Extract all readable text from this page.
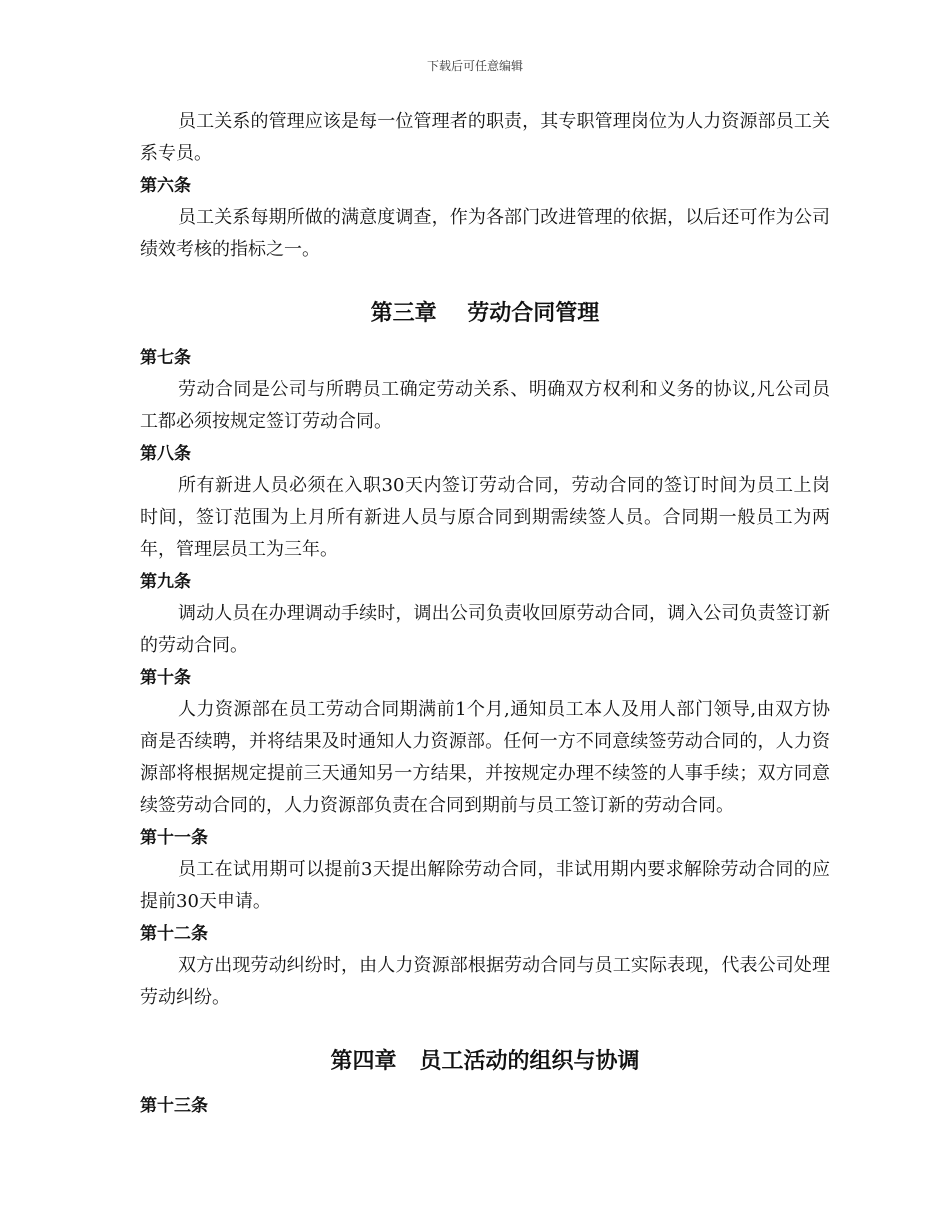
下载后可任意编辑

员工关系的管理应该是每一位管理者的职责，其专职管理岗位为人力资源部员工关系专员。

第六条

员工关系每期所做的满意度调查，作为各部门改进管理的依据，以后还可作为公司绩效考核的指标之一。

第三章    劳动合同管理

第七条

劳动合同是公司与所聘员工确定劳动关系、明确双方权利和义务的协议,凡公司员工都必须按规定签订劳动合同。

第八条

所有新进人员必须在入职30天内签订劳动合同，劳动合同的签订时间为员工上岗时间，签订范围为上月所有新进人员与原合同到期需续签人员。合同期一般员工为两年，管理层员工为三年。

第九条

调动人员在办理调动手续时，调出公司负责收回原劳动合同，调入公司负责签订新的劳动合同。

第十条

人力资源部在员工劳动合同期满前1个月,通知员工本人及用人部门领导,由双方协商是否续聘，并将结果及时通知人力资源部。任何一方不同意续签劳动合同的，人力资源部将根据规定提前三天通知另一方结果，并按规定办理不续签的人事手续；双方同意续签劳动合同的，人力资源部负责在合同到期前与员工签订新的劳动合同。

第十一条

员工在试用期可以提前3天提出解除劳动合同，非试用期内要求解除劳动合同的应提前30天申请。

第十二条

双方出现劳动纠纷时，由人力资源部根据劳动合同与员工实际表现，代表公司处理劳动纠纷。

第四章   员工活动的组织与协调

第十三条
